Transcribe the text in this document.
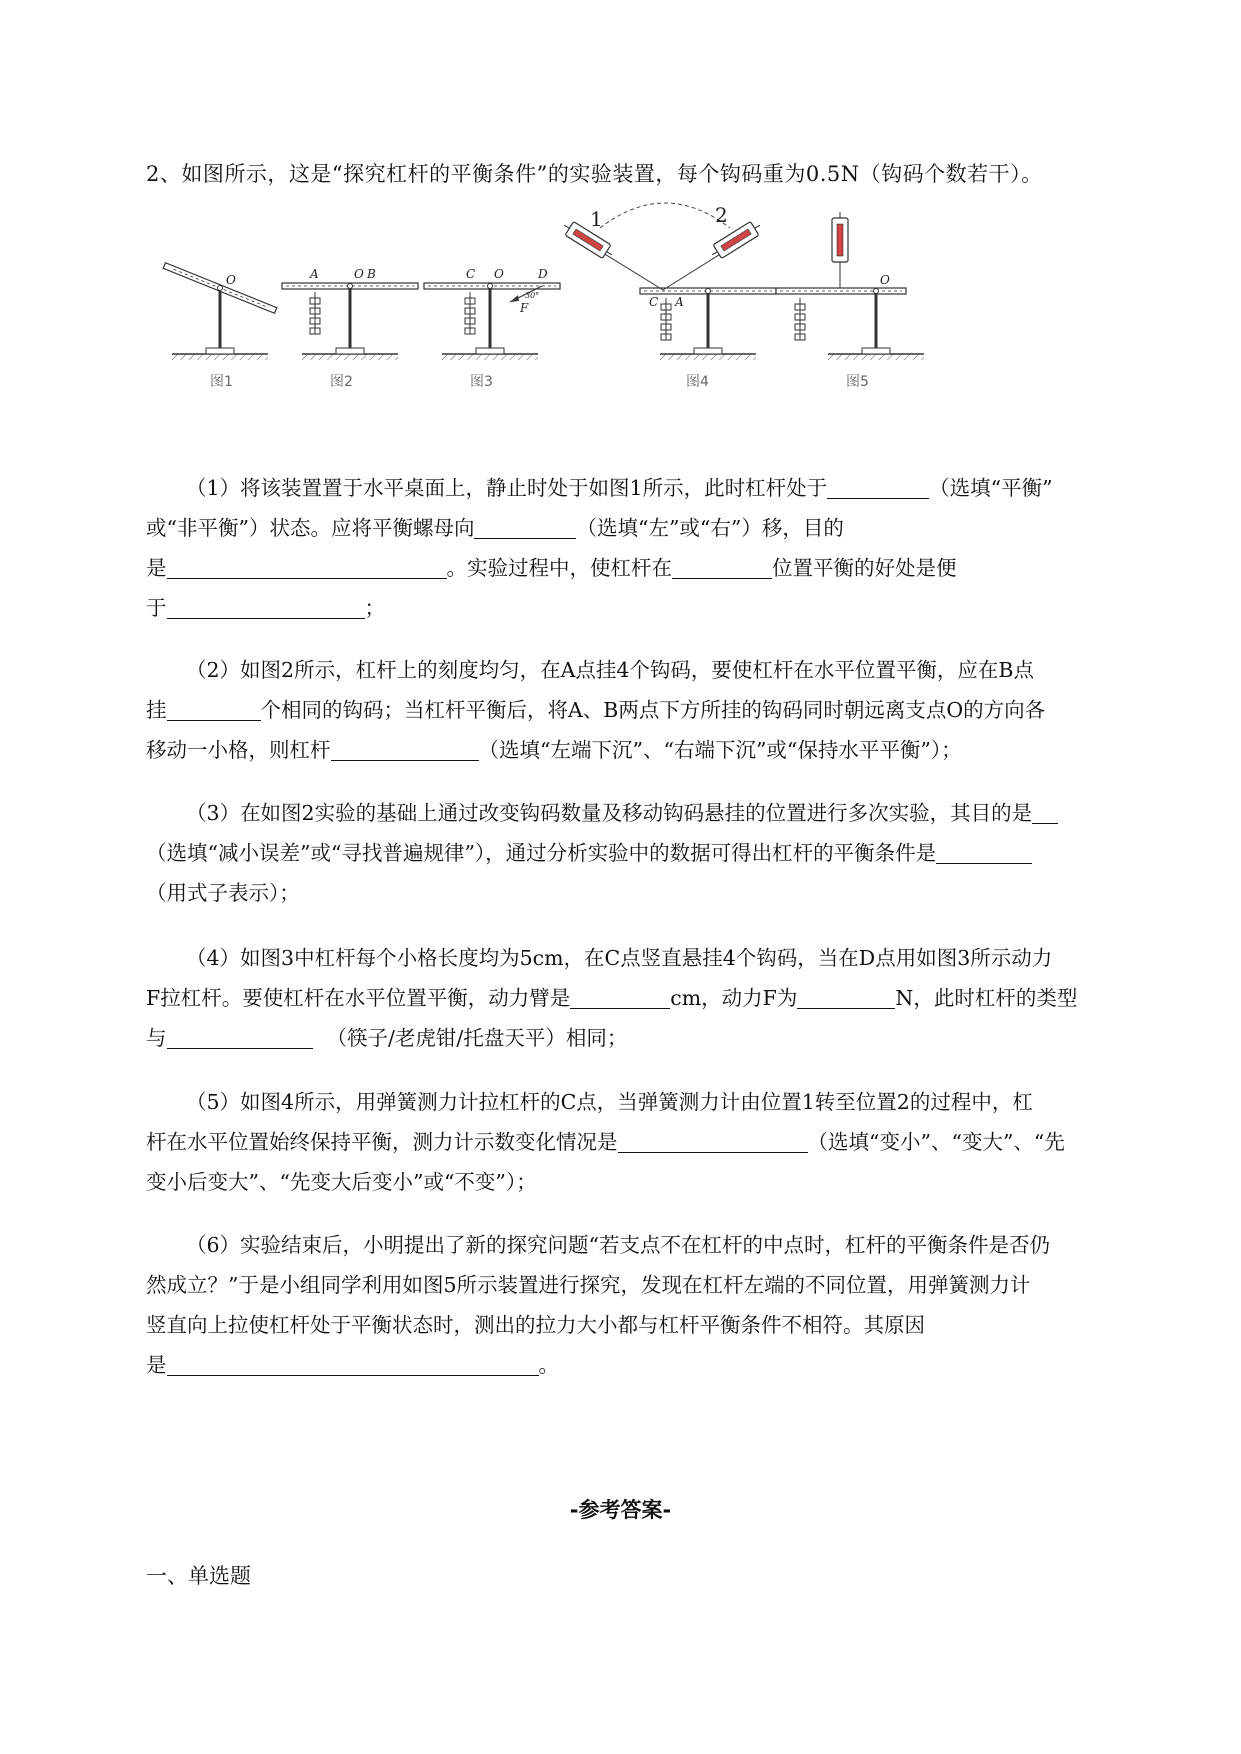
2、如图所示，这是“探究杠杆的平衡条件”的实验装置，每个钩码重为0.5N（钩码个数若干）。
O
图1
A	O B
图2
C O	D
F
30°
图3
1	2
C A
图4
O
图5

（1）将该装置置于水平桌面上，静止时处于如图1所示，此时杠杆处于	（选填“平衡”

或“非平衡”）状态。应将平衡螺母向	（选填“左”或“右”）移，目的

是	。实验过程中，使杠杆在	位置平衡的好处是便

于	；

（2）如图2所示，杠杆上的刻度均匀，在A点挂4个钩码，要使杠杆在水平位置平衡，应在B点

挂	个相同的钩码；当杠杆平衡后，将A、B两点下方所挂的钩码同时朝远离支点O的方向各

移动一小格，则杠杆	（选填“左端下沉”、“右端下沉”或“保持水平平衡”）；

（3）在如图2实验的基础上通过改变钩码数量及移动钩码悬挂的位置进行多次实验，其目的是

（选填“减小误差”或“寻找普遍规律”），通过分析实验中的数据可得出杠杆的平衡条件是

（用式子表示）；

（4）如图3中杠杆每个小格长度均为5cm，在C点竖直悬挂4个钩码，当在D点用如图3所示动力

F拉杠杆。要使杠杆在水平位置平衡，动力臂是	cm，动力F为	N，此时杠杆的类型

与	（筷子/老虎钳/托盘天平）相同；

（5）如图4所示，用弹簧测力计拉杠杆的C点，当弹簧测力计由位置1转至位置2的过程中，杠

杆在水平位置始终保持平衡，测力计示数变化情况是	（选填“变小”、“变大”、“先

变小后变大”、“先变大后变小”或“不变”）；

（6）实验结束后，小明提出了新的探究问题“若支点不在杠杆的中点时，杠杆的平衡条件是否仍

然成立？”于是小组同学利用如图5所示装置进行探究，发现在杠杆左端的不同位置，用弹簧测力计

竖直向上拉使杠杆处于平衡状态时，测出的拉力大小都与杠杆平衡条件不相符。其原因

是	。

-参考答案-
一、单选题
